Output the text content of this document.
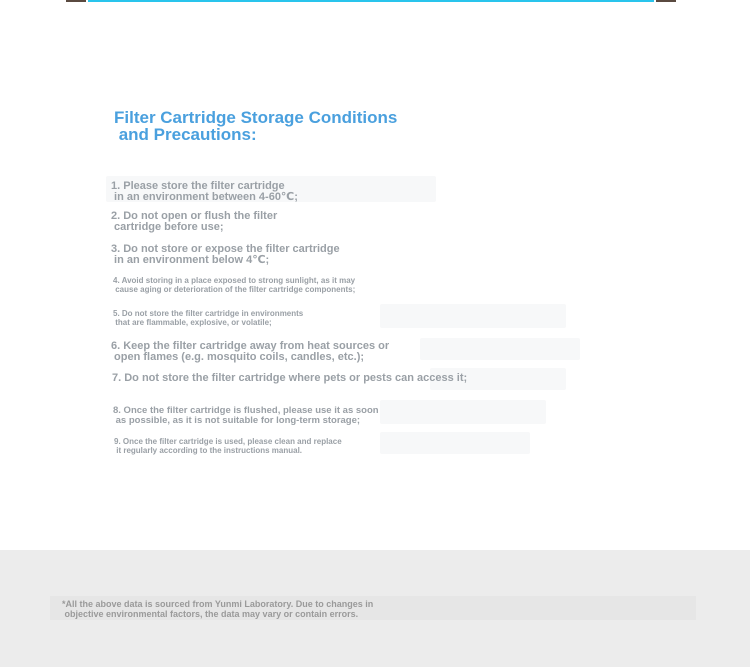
Filter Cartridge Storage Conditions
and Precautions:

1. Please store the filter cartridge
in an environment between 4-60℃;

2. Do not open or flush the filter
cartridge before use;

3. Do not store or expose the filter cartridge
in an environment below 4℃;

4. Avoid storing in a place exposed to strong sunlight, as it may
cause aging or deterioration of the filter cartridge components;

5. Do not store the filter cartridge in environments
that are flammable, explosive, or volatile;

6. Keep the filter cartridge away from heat sources or
open flames (e.g. mosquito coils, candles, etc.);

7. Do not store the filter cartridge where pets or pests can access it;

8. Once the filter cartridge is flushed, please use it as soon
as possible, as it is not suitable for long-term storage;

9. Once the filter cartridge is used, please clean and replace
it regularly according to the instructions manual.

*All the above data is sourced from Yunmi Laboratory. Due to changes in
objective environmental factors, the data may vary or contain errors.
